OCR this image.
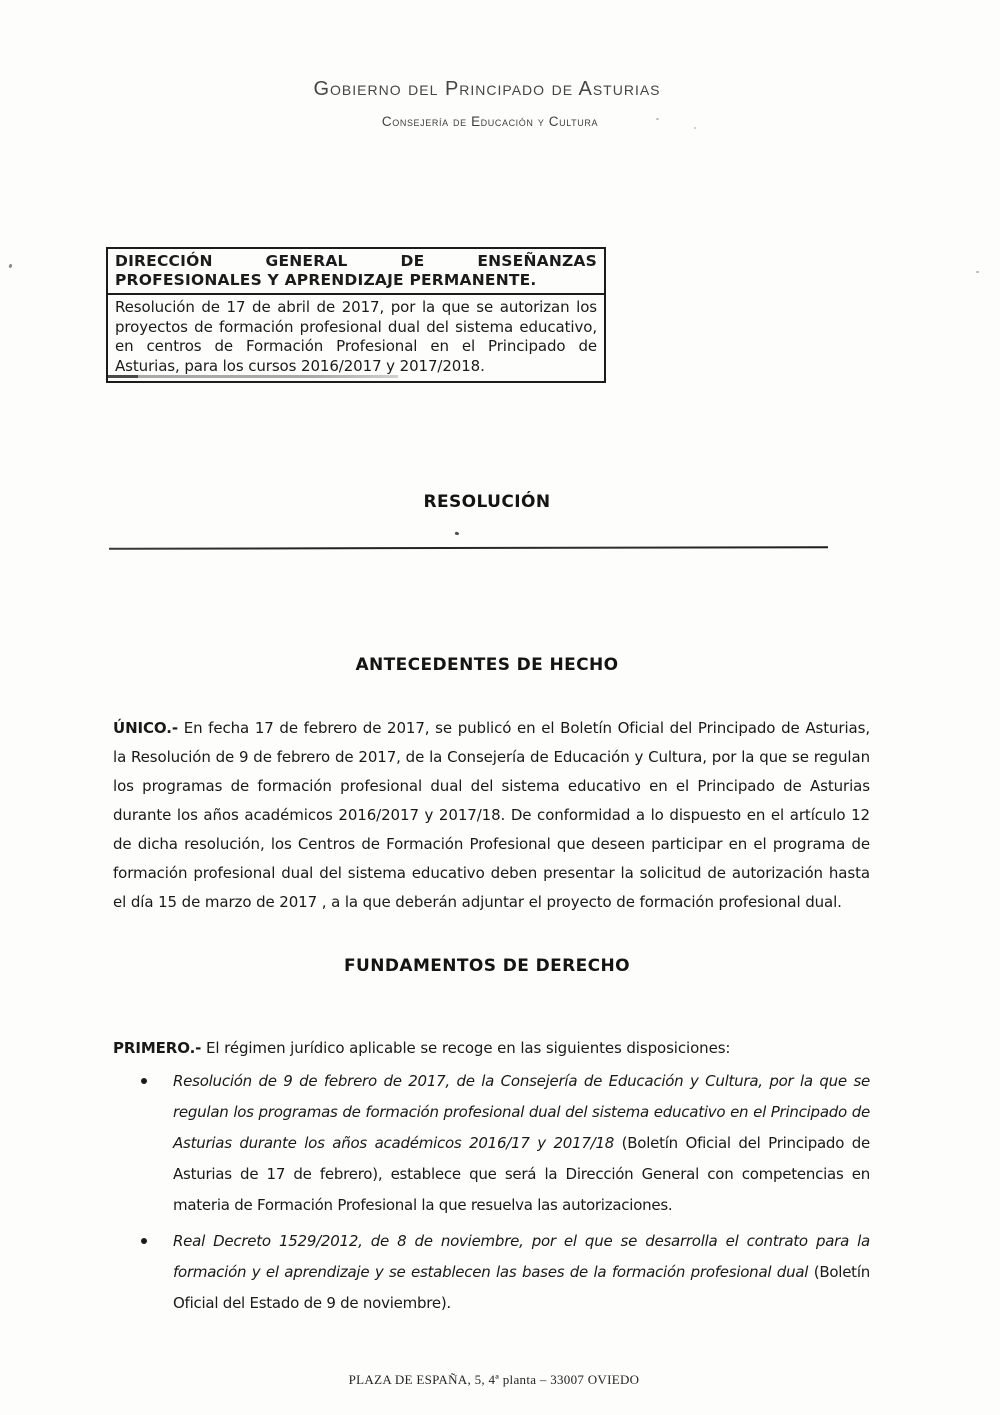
Gobierno del Principado de Asturias
Consejería de Educación y Cultura
DIRECCIÓN GENERAL DE ENSEÑANZAS PROFESIONALES Y APRENDIZAJE PERMANENTE.
Resolución de 17 de abril de 2017, por la que se autorizan los proyectos de formación profesional dual del sistema educativo, en centros de Formación Profesional en el Principado de Asturias, para los cursos 2016/2017 y 2017/2018.
RESOLUCIÓN
ANTECEDENTES DE HECHO

ÚNICO.- En fecha 17 de febrero de 2017, se publicó en el Boletín Oficial del Principado de Asturias, la Resolución de 9 de febrero de 2017, de la Consejería de Educación y Cultura, por la que se regulan los programas de formación profesional dual del sistema educativo en el Principado de Asturias durante los años académicos 2016/2017 y 2017/18. De conformidad a lo dispuesto en el artículo 12 de dicha resolución, los Centros de Formación Profesional que deseen participar en el programa de formación profesional dual del sistema educativo deben presentar la solicitud de autorización hasta el día 15 de marzo de 2017 , a la que deberán adjuntar el proyecto de formación profesional dual.

FUNDAMENTOS DE DERECHO

PRIMERO.- El régimen jurídico aplicable se recoge en las siguientes disposiciones:

Resolución de 9 de febrero de 2017, de la Consejería de Educación y Cultura, por la que se regulan los programas de formación profesional dual del sistema educativo en el Principado de Asturias durante los años académicos 2016/17 y 2017/18 (Boletín Oficial del Principado de Asturias de 17 de febrero), establece que será la Dirección General con competencias en materia de Formación Profesional la que resuelva las autorizaciones.
Real Decreto 1529/2012, de 8 de noviembre, por el que se desarrolla el contrato para la formación y el aprendizaje y se establecen las bases de la formación profesional dual (Boletín Oficial del Estado de 9 de noviembre).
PLAZA DE ESPAÑA, 5, 4ª planta – 33007 OVIEDO
